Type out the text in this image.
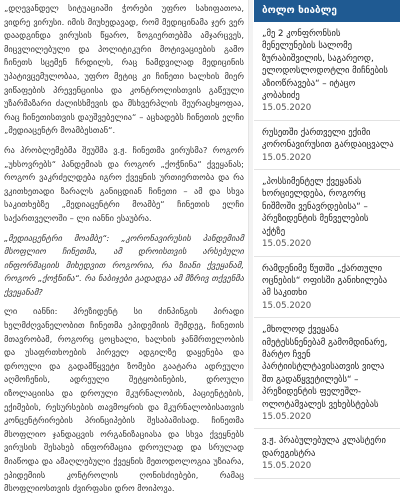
„დღევანდელ სიტუაციაში ჭორები უფრო სახიფათოა, ვიდრე ვირუსი. იმის მიუხედავად, რომ მედიცინამა ჯერ ვერ დაადგინდა ვირუსის წყარო, ზოგიერთებმა ამჯარცვეს, მიცვლილებული და პოლიტიკური მოტივაციების გამო ჩინეთს სცემენ ჩრდილს, რაც ნამდვილად მედიცინის უპატივცემულობაა, უფრო მეტიც კი ჩინეთი ხალხის მიერ ვიწაფების პრევენციისა და კონტროლისთვის გაწეული უზარმაზარი ძალისხმევის და მსხვერპლის შეურაცხყოფაა, რაც ჩინეთისთვის დაუშვებელია“ – აცხადებს ჩინეთის ელჩი „მედიაცენტრ მოამბესთან“.

რა პრობლემებმა შეუშმა ვ.ჟ. ჩინეთმა ვირუსმა? როგორ „უხსოვრებს“ პანდემიას და როგორ „ქოჭნინა“ ქვეყანას; როგორ ვაკრძელდება იგრო ქვეყნის ურთიერთობა და რა ვკითხეთადი ზარალს განიცდიან ჩინეთი – ამ და სხვა საკითხებზე „მედიაცენტრი მოამბე“ ჩინეთის ელჩი საქართველოში – ლი იანნი ესაუბრა.

„მედიაცენტრი მოამბე“: „კორონავირუსის პანდემიამ მსოფლიო ჩინეთმა, ამ დროისთვის არსებული ინფორმაციის მიხედვით როგორია, რა ზიანი ქვეყანამ, როგორ „ქოჭნინა“. რა ნაბიჯები გადადგა ამ მზრივ თქვენმა ქვეყანამ?

ლი იანნი: პრეზიდენტ სი ძინპინგის პირადი ხელმძღვანელობით ჩინეთმა ეპიდემიის შემდეგ, ჩინეთის მთავრობამ, როგორც ცოცხალი, ხალხის ჯანმრთელობის და უსაფრთხოების პირველ ადგილზე დაყენება და დროული და გადამწყვეტი ზომები გაატარა ადრეული აღმოჩენის, ადრეული შეტყობინების, დროული იზოლაციისა და დროული მკურნალობის, პაციენტების, ექიმების, რესურსების თავმოყრის და მკურნალობისათვის კონცენტრირების პრინციპების შესაბამისად. ჩინეთმა მსოფლიო ჯანდაცვის ორგანიზაციასა და სხვა ქვეყნებს ვირუსის შესახებ ინფორმაცია დროულად და სრულად მიაწოდა და ამაღლებული ქვეყნის მეთოდოლოგია უზიარა, ეპიდემიის კონტროლის ღონისძიებები, რამაც მსოფლიოსთვის ძვირფასი დრო მოიპოვა.

ბოლო ხიაბლე
„მე 2 კონფრონსის მენელუნების სალომე ზურაბიშვილის, საგარეოდ, ელოდოსლოდოტლი მიჩნების აზიოწრავება“ – იტაცო კობახიძე
15.05.2020
რუსეთში ქართველი ექიმი კორონავირუსით გარდაიცვალა
15.05.2020
„პოსსიმენტელ ქვეყანას ხორციელდება, როგორც ნიშმოში ვენავრდებისა“ – პრეზიდენტის მენველების აქტზე
15.05.2020
რამდენიმე წუთში „ქართული ოცნების“ ოფისში განიხილება ამ საკითხი
15.05.2020
„მხოლოდ ქვეყანა იმეტესსნენებამ გამომდინარე, მარტო ჩვენ პარტიისტლტავისათვის ვილა შთ გადაწყვეტილებს“ – პრეზიდენტის ფელეშლ-ოლოტამვალეს ვეხებსტებას
15.05.2020
ვ.ჟ. პრაბულებულა კლასტერი დარეგისტრა
15.05.2020
